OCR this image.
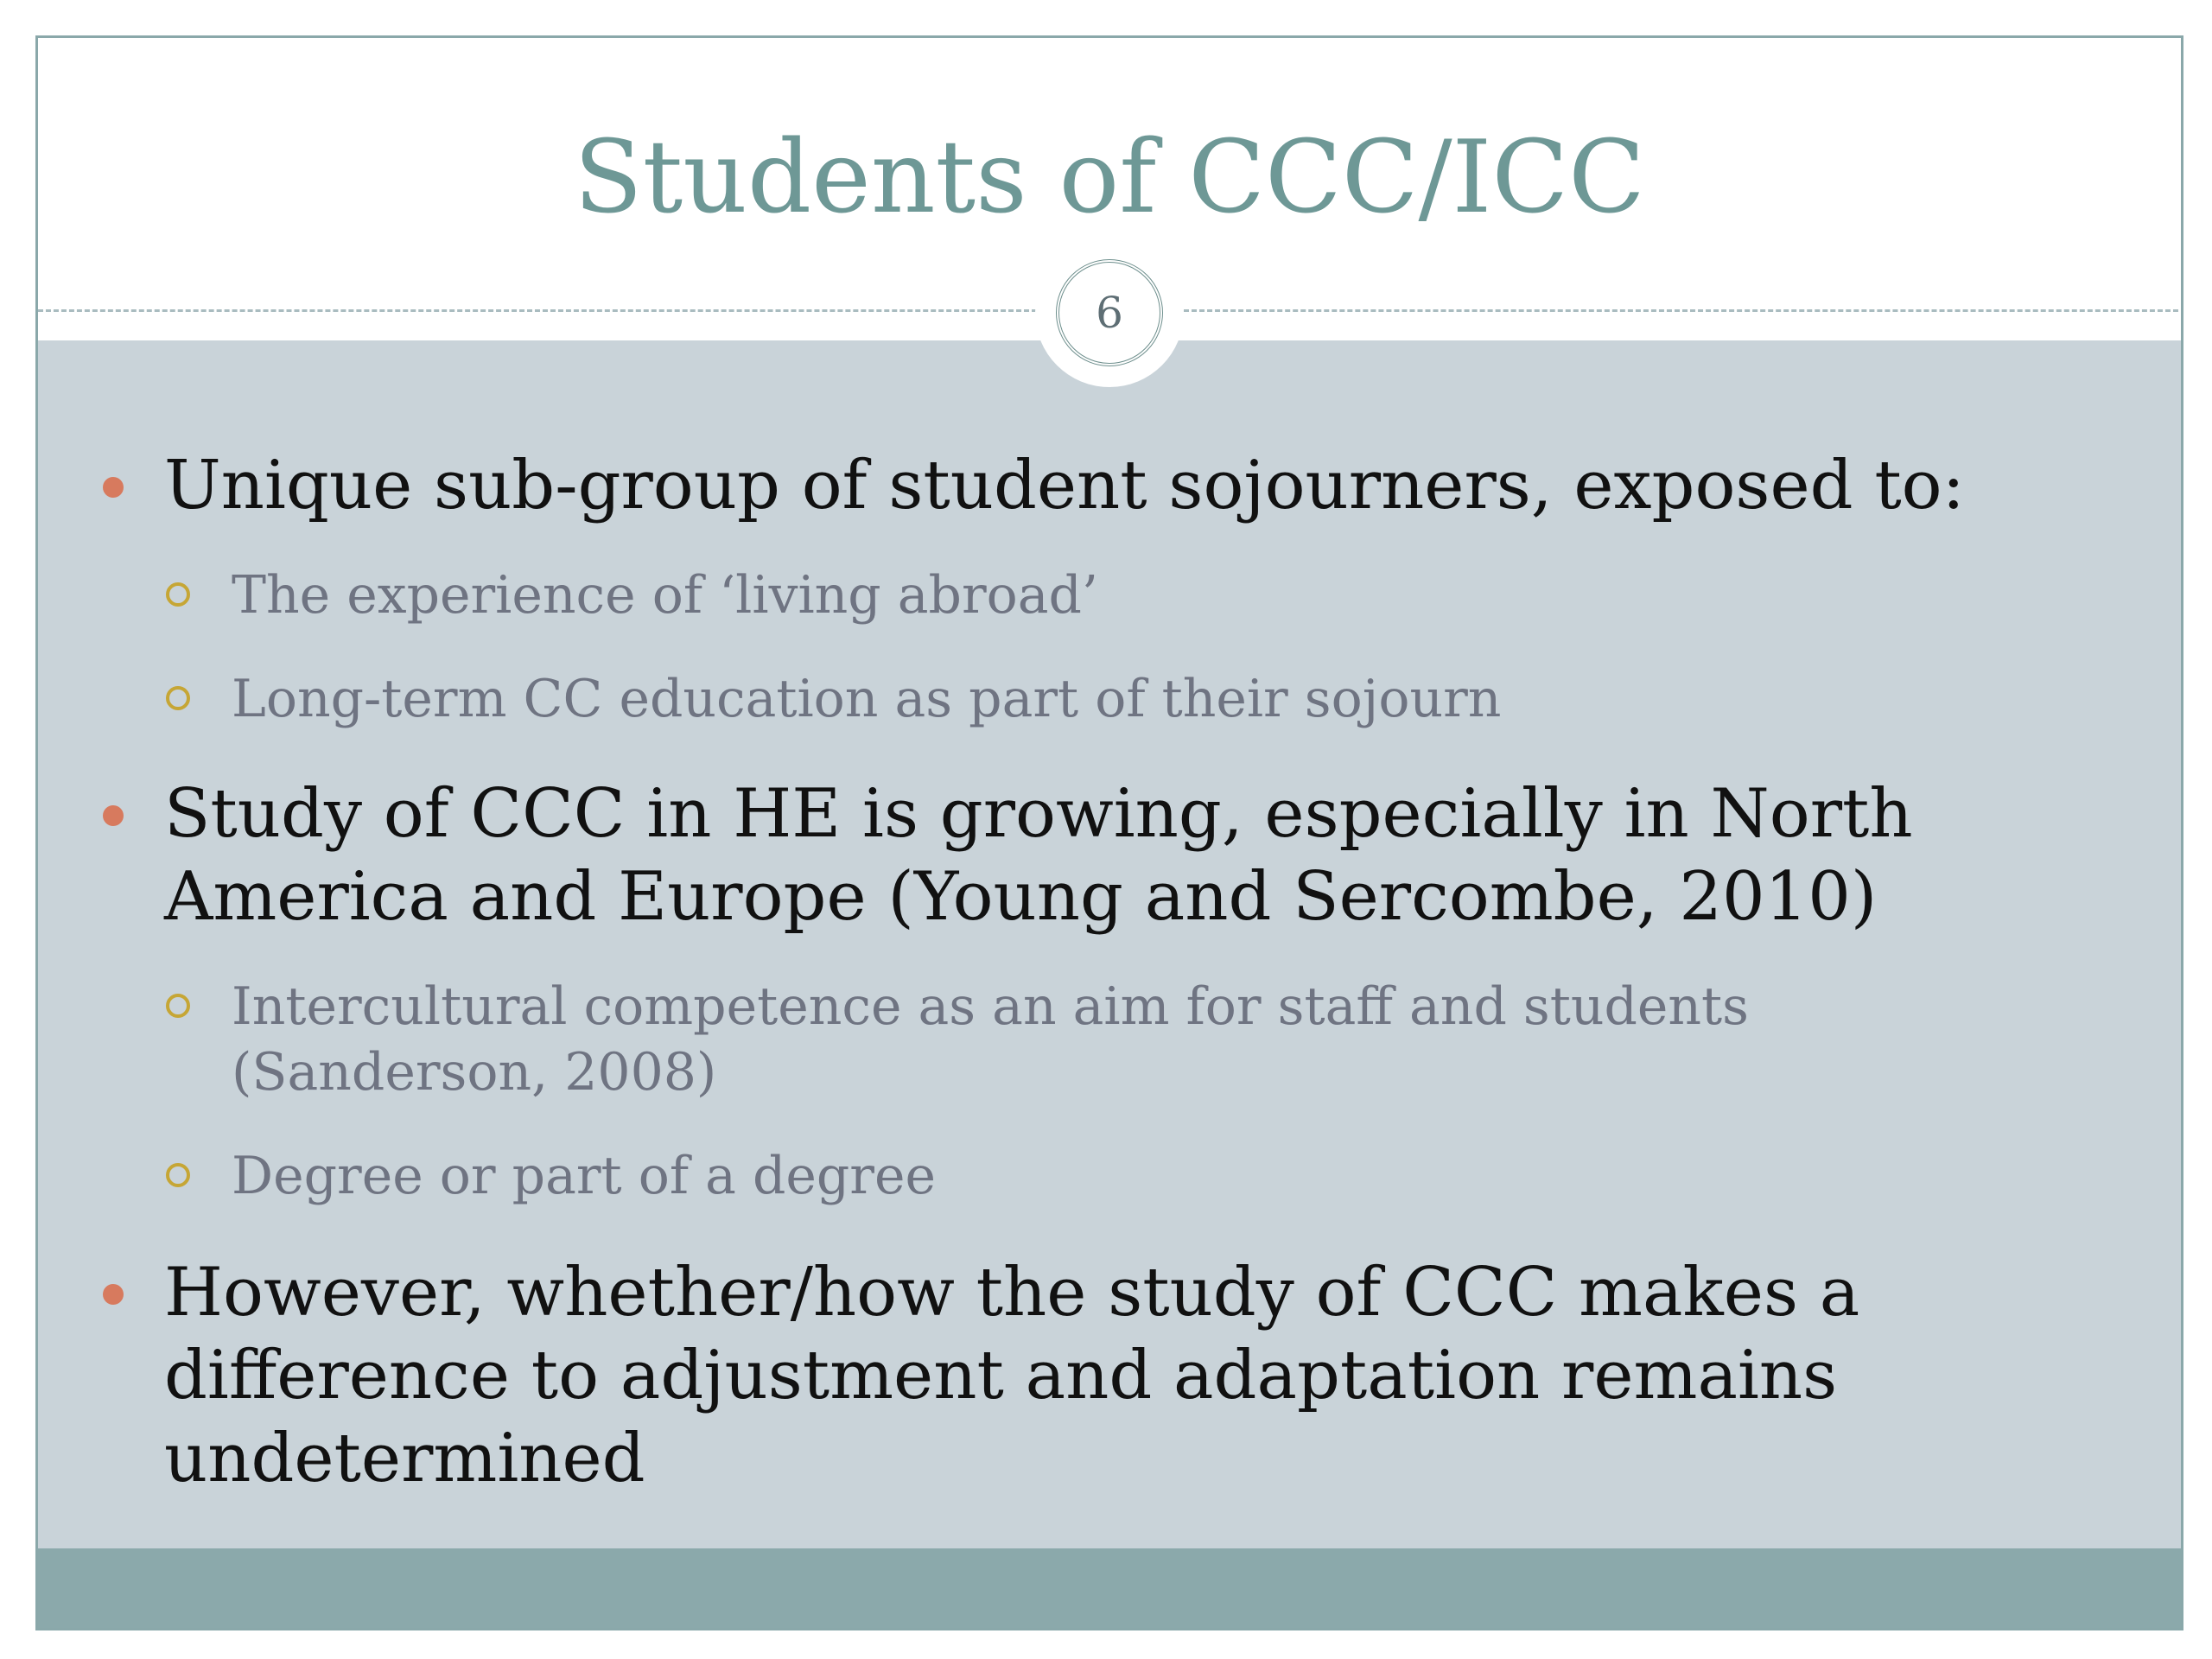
Students of CCC/ICC
Unique sub-group of student sojourners, exposed to:
The experience of ‘living abroad’
Long-term CC education as part of their sojourn
Study of CCC in HE is growing, especially in North
America and Europe (Young and Sercombe, 2010)
Intercultural competence as an aim for staff and students
(Sanderson, 2008)
Degree or part of a degree
However, whether/how the study of CCC makes a
difference to adjustment and adaptation remains
undetermined
6
